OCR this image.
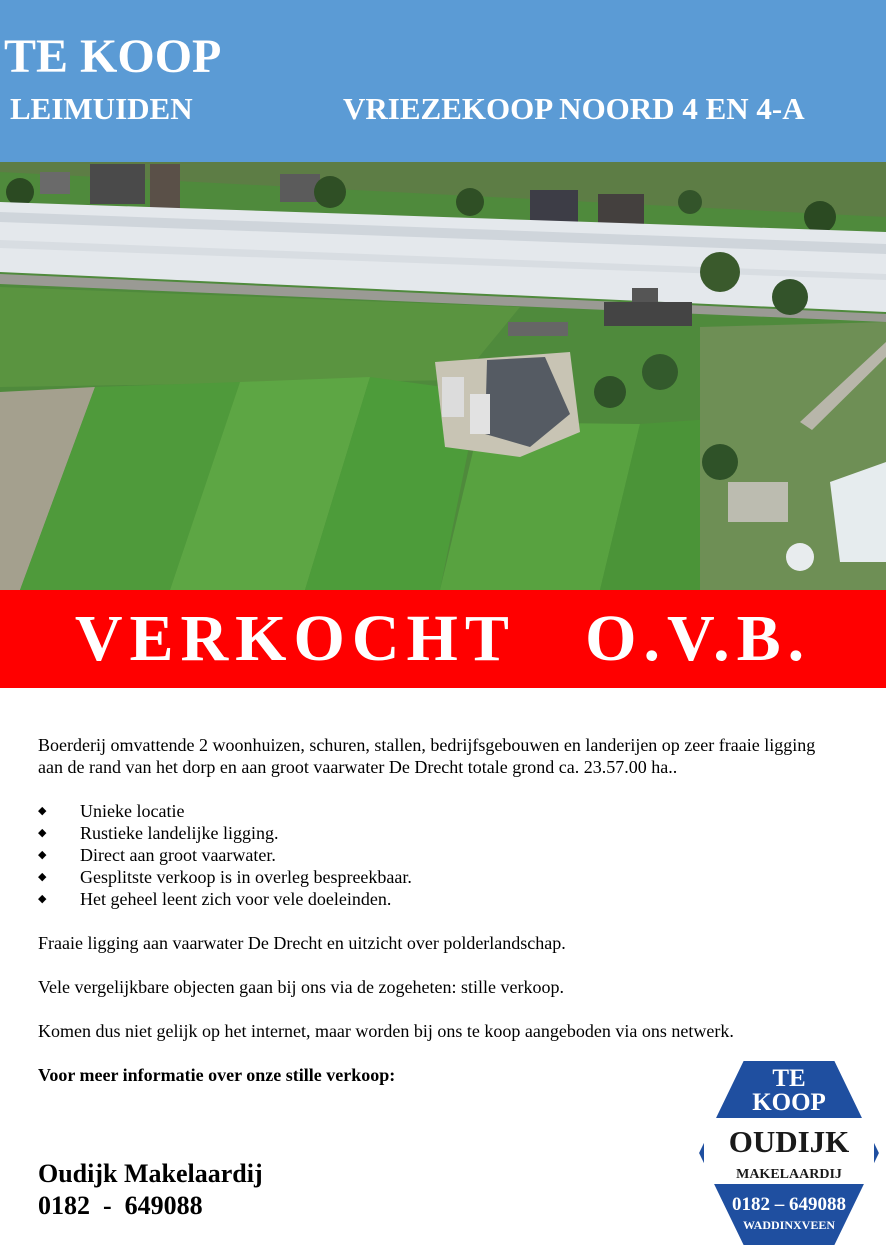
TE KOOP
LEIMUIDEN	VRIEZEKOOP NOORD 4 EN 4-A
VERKOCHT   O.V.B.

Boerderij omvattende 2 woonhuizen, schuren, stallen, bedrijfsgebouwen en landerijen op zeer fraaie ligging aan de rand van het dorp en aan groot vaarwater De Drecht totale grond ca. 23.57.00 ha..

◆ Unieke locatie
◆ Rustieke landelijke ligging.
◆ Direct aan groot vaarwater.
◆ Gesplitste verkoop is in overleg bespreekbaar.
◆ Het geheel leent zich voor vele doeleinden.

Fraaie ligging aan vaarwater De Drecht en uitzicht over polderlandschap.

Vele vergelijkbare objecten gaan bij ons via de zogeheten: stille verkoop.

Komen dus niet gelijk op het internet, maar worden bij ons te koop aangeboden via ons netwerk.

Voor meer informatie over onze stille verkoop:

Oudijk Makelaardij
0182  -  649088
TE
KOOP
OUDIJK
MAKELAARDIJ
0182 – 649088
WADDINXVEEN
